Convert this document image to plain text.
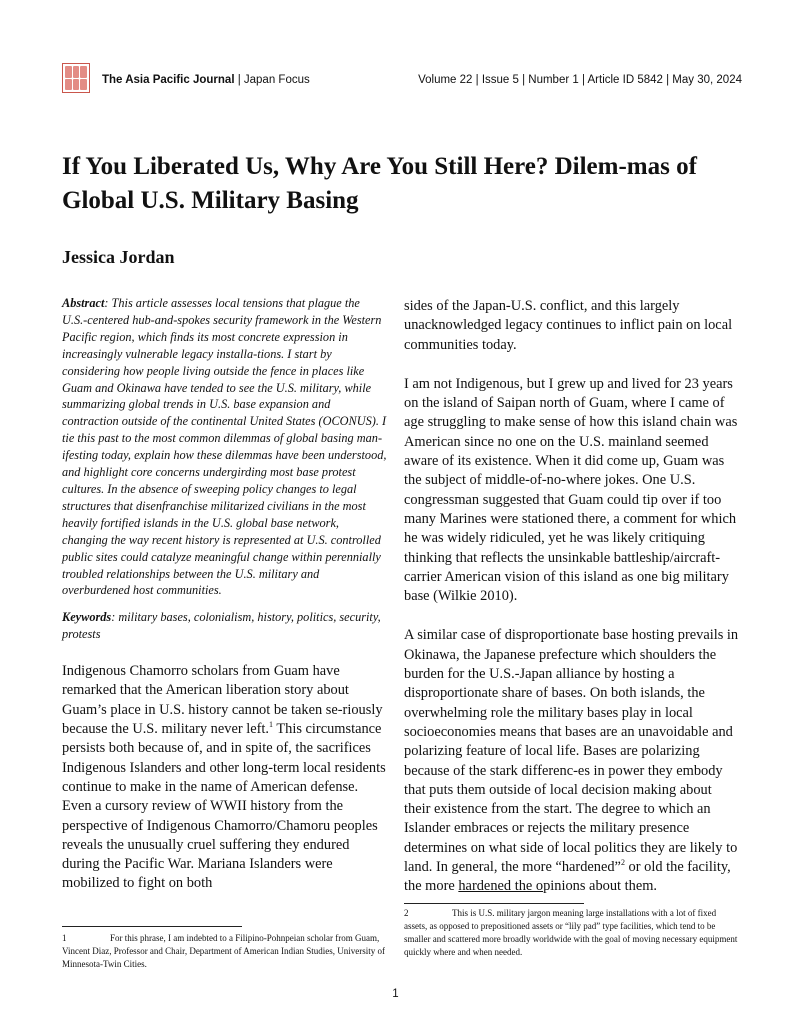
The Asia Pacific Journal | Japan Focus	Volume 22 | Issue 5 | Number 1 | Article ID 5842 | May 30, 2024
If You Liberated Us, Why Are You Still Here? Dilem-mas of Global U.S. Military Basing

Jessica Jordan

Abstract: This article assesses local tensions that plague the U.S.-centered hub-and-spokes security framework in the Western Pacific region, which finds its most concrete expression in increasingly vulnerable legacy installa-tions. I start by considering how people living outside the fence in places like Guam and Okinawa have tended to see the U.S. military, while summarizing global trends in U.S. base expansion and contraction outside of the continental United States (OCONUS). I tie this past to the most common dilemmas of global basing man-ifesting today, explain how these dilemmas have been understood, and highlight core concerns undergirding most base protest cultures. In the absence of sweeping policy changes to legal structures that disenfranchise militarized civilians in the most heavily fortified islands in the U.S. global base network, changing the way recent history is represented at U.S. controlled public sites could catalyze meaningful change within perennially troubled relationships between the U.S. military and overburdened host communities.

Keywords: military bases, colonialism, history, politics, security, protests

Indigenous Chamorro scholars from Guam have remarked that the American liberation story about Guam’s place in U.S. history cannot be taken se-riously because the U.S. military never left.$^1$ This circumstance persists both because of, and in spite of, the sacrifices Indigenous Islanders and other long-term local residents continue to make in the name of American defense. Even a cursory review of WWII history from the perspective of Indigenous Chamorro/Chamoru peoples reveals the unusually cruel suffering they endured during the Pacific War. Mariana Islanders were mobilized to fight on both

sides of the Japan-U.S. conflict, and this largely unacknowledged legacy continues to inflict pain on local communities today.

I am not Indigenous, but I grew up and lived for 23 years on the island of Saipan north of Guam, where I came of age struggling to make sense of how this island chain was American since no one on the U.S. mainland seemed aware of its existence. When it did come up, Guam was the subject of middle-of-no-where jokes. One U.S. congressman suggested that Guam could tip over if too many Marines were stationed there, a comment for which he was widely ridiculed, yet he was likely critiquing thinking that reflects the unsinkable battleship/aircraft-carrier American vision of this island as one big military base (Wilkie 2010).

A similar case of disproportionate base hosting prevails in Okinawa, the Japanese prefecture which shoulders the burden for the U.S.-Japan alliance by hosting a disproportionate share of bases. On both islands, the overwhelming role the military bases play in local socioeconomies means that bases are an unavoidable and polarizing feature of local life. Bases are polarizing because of the stark differenc-es in power they embody that puts them outside of local decision making about their existence from the start. The degree to which an Islander embraces or rejects the military presence determines on what side of local politics they are likely to land. In general, the more “hardened”$^2$ or old the facility, the more hardened the opinions about them.

1	For this phrase, I am indebted to a Filipino-Pohnpeian scholar from Guam, Vincent Diaz, Professor and Chair, Department of American Indian Studies, University of Minnesota-Twin Cities.

2	This is U.S. military jargon meaning large installations with a lot of fixed assets, as opposed to prepositioned assets or “lily pad” type facilities, which tend to be smaller and scattered more broadly worldwide with the goal of moving necessary equipment quickly where and when needed.

1
